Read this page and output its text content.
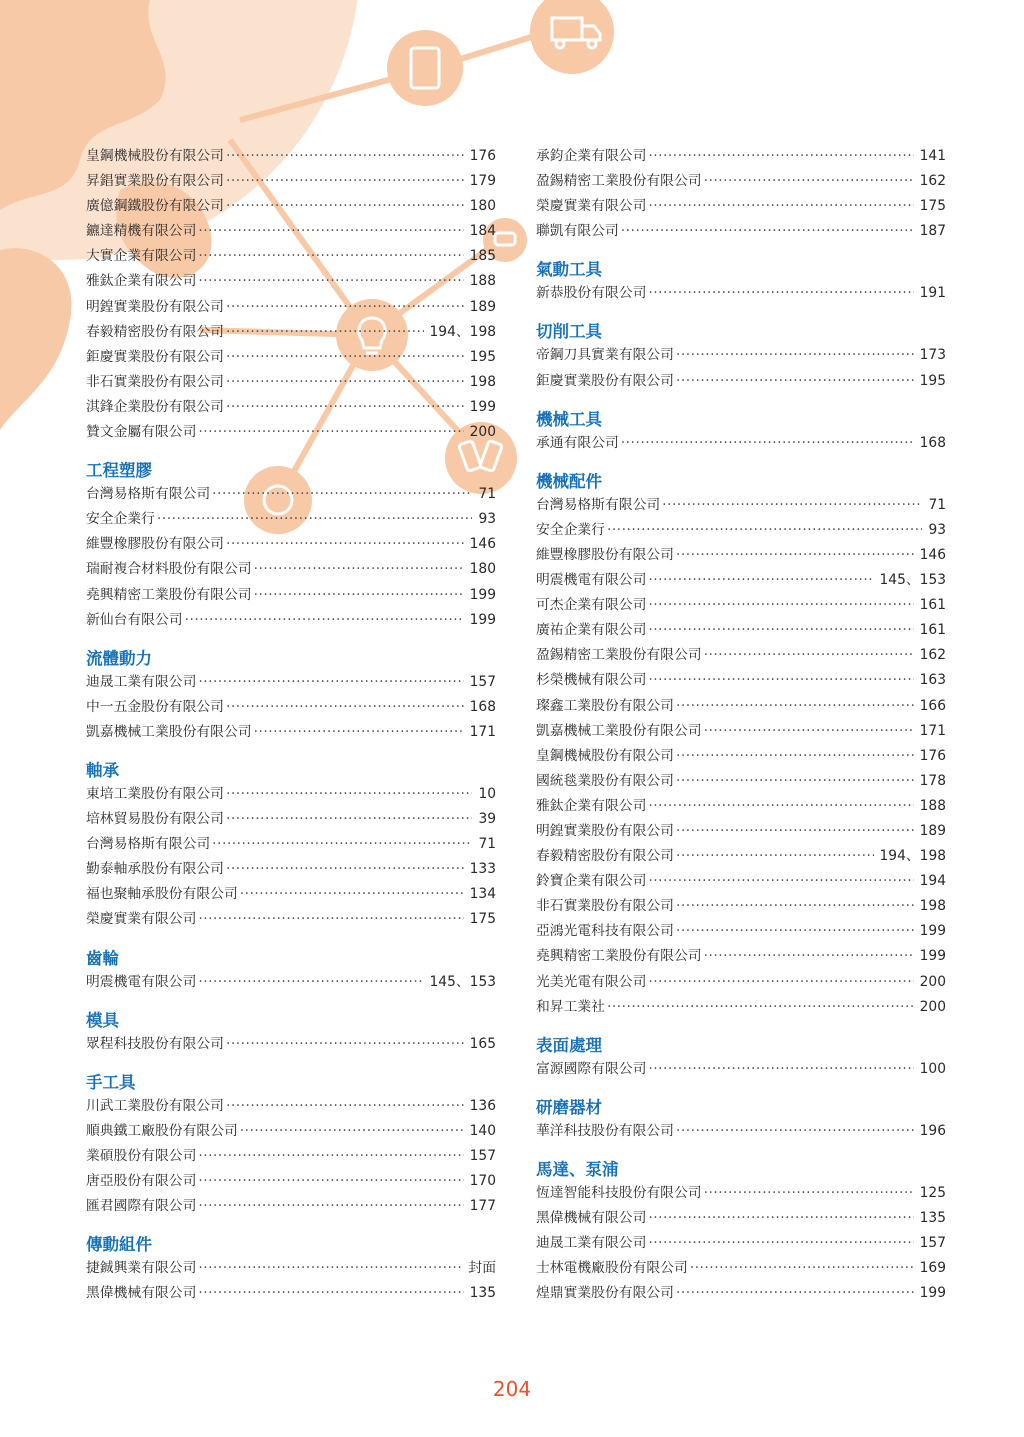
皇鋼機械股份有限公司 ·····	176
昇錩實業股份有限公司 ·····	179
廣億鋼鐵股份有限公司 ·····	180
鑣達精機有限公司 ·····	184
大實企業有限公司 ·····	185
雅鈦企業有限公司 ·····	188
明鍠實業股份有限公司 ·····	189
春毅精密股份有限公司 ·····	194、198
鉅慶實業股份有限公司 ·····	195
非石實業股份有限公司 ·····	198
淇鋒企業股份有限公司 ·····	199
贊文金屬有限公司 ·····	200
工程塑膠
台灣易格斯有限公司 ·····	71
安全企業行 ·····	93
維豐橡膠股份有限公司 ·····	146
瑞耐複合材料股份有限公司 ·····	180
堯興精密工業股份有限公司 ·····	199
新仙台有限公司 ·····	199
流體動力
迪晟工業有限公司 ·····	157
中一五金股份有限公司 ·····	168
凱嘉機械工業股份有限公司 ·····	171
軸承
東培工業股份有限公司 ·····	10
培林貿易股份有限公司 ·····	39
台灣易格斯有限公司 ·····	71
勤泰軸承股份有限公司 ·····	133
福也聚軸承股份有限公司 ·····	134
榮慶實業有限公司 ·····	175
齒輪
明震機電有限公司 ·····	145、153
模具
眾程科技股份有限公司 ·····	165
手工具
川武工業股份有限公司 ·····	136
順典鐵工廠股份有限公司 ·····	140
業碩股份有限公司 ·····	157
唐亞股份有限公司 ·····	170
匯君國際有限公司 ·····	177
傳動組件
捷鋮興業有限公司 ·····	封面
黑偉機械有限公司 ·····	135
承鈞企業有限公司 ·····	141
盈錫精密工業股份有限公司 ·····	162
榮慶實業有限公司 ·····	175
聯凱有限公司 ·····	187
氣動工具
新恭股份有限公司 ·····	191
切削工具
帝鋼刀具實業有限公司 ·····	173
鉅慶實業股份有限公司 ·····	195
機械工具
承通有限公司 ·····	168
機械配件
台灣易格斯有限公司 ·····	71
安全企業行 ·····	93
維豐橡膠股份有限公司 ·····	146
明震機電有限公司 ·····	145、153
可杰企業有限公司 ·····	161
廣祐企業有限公司 ·····	161
盈錫精密工業股份有限公司 ·····	162
杉榮機械有限公司 ·····	163
璨鑫工業股份有限公司 ·····	166
凱嘉機械工業股份有限公司 ·····	171
皇鋼機械股份有限公司 ·····	176
國統毯業股份有限公司 ·····	178
雅鈦企業有限公司 ·····	188
明鍠實業股份有限公司 ·····	189
春毅精密股份有限公司 ·····	194、198
鈴寶企業有限公司 ·····	194
非石實業股份有限公司 ·····	198
亞鴻光電科技有限公司 ·····	199
堯興精密工業股份有限公司 ·····	199
光美光電有限公司 ·····	200
和昇工業社 ·····	200
表面處理
富源國際有限公司 ·····	100
研磨器材
華洋科技股份有限公司 ·····	196
馬達、泵浦
恆達智能科技股份有限公司 ·····	125
黑偉機械有限公司 ·····	135
迪晟工業有限公司 ·····	157
士林電機廠股份有限公司 ·····	169
煌鼎實業股份有限公司 ·····	199
204
